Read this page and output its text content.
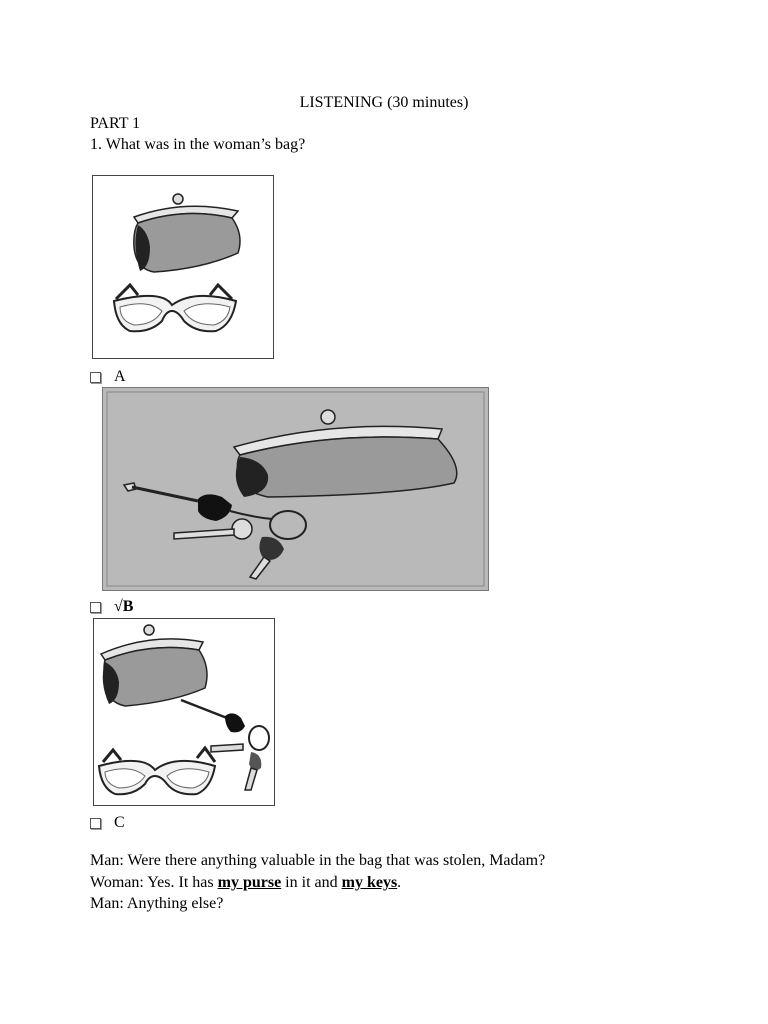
LISTENING (30 minutes)
PART 1
1. What was in the woman’s bag?
A
√B
C
Man: Were there anything valuable in the bag that was stolen, Madam?
Woman: Yes. It has my purse in it and my keys.
Man: Anything else?
